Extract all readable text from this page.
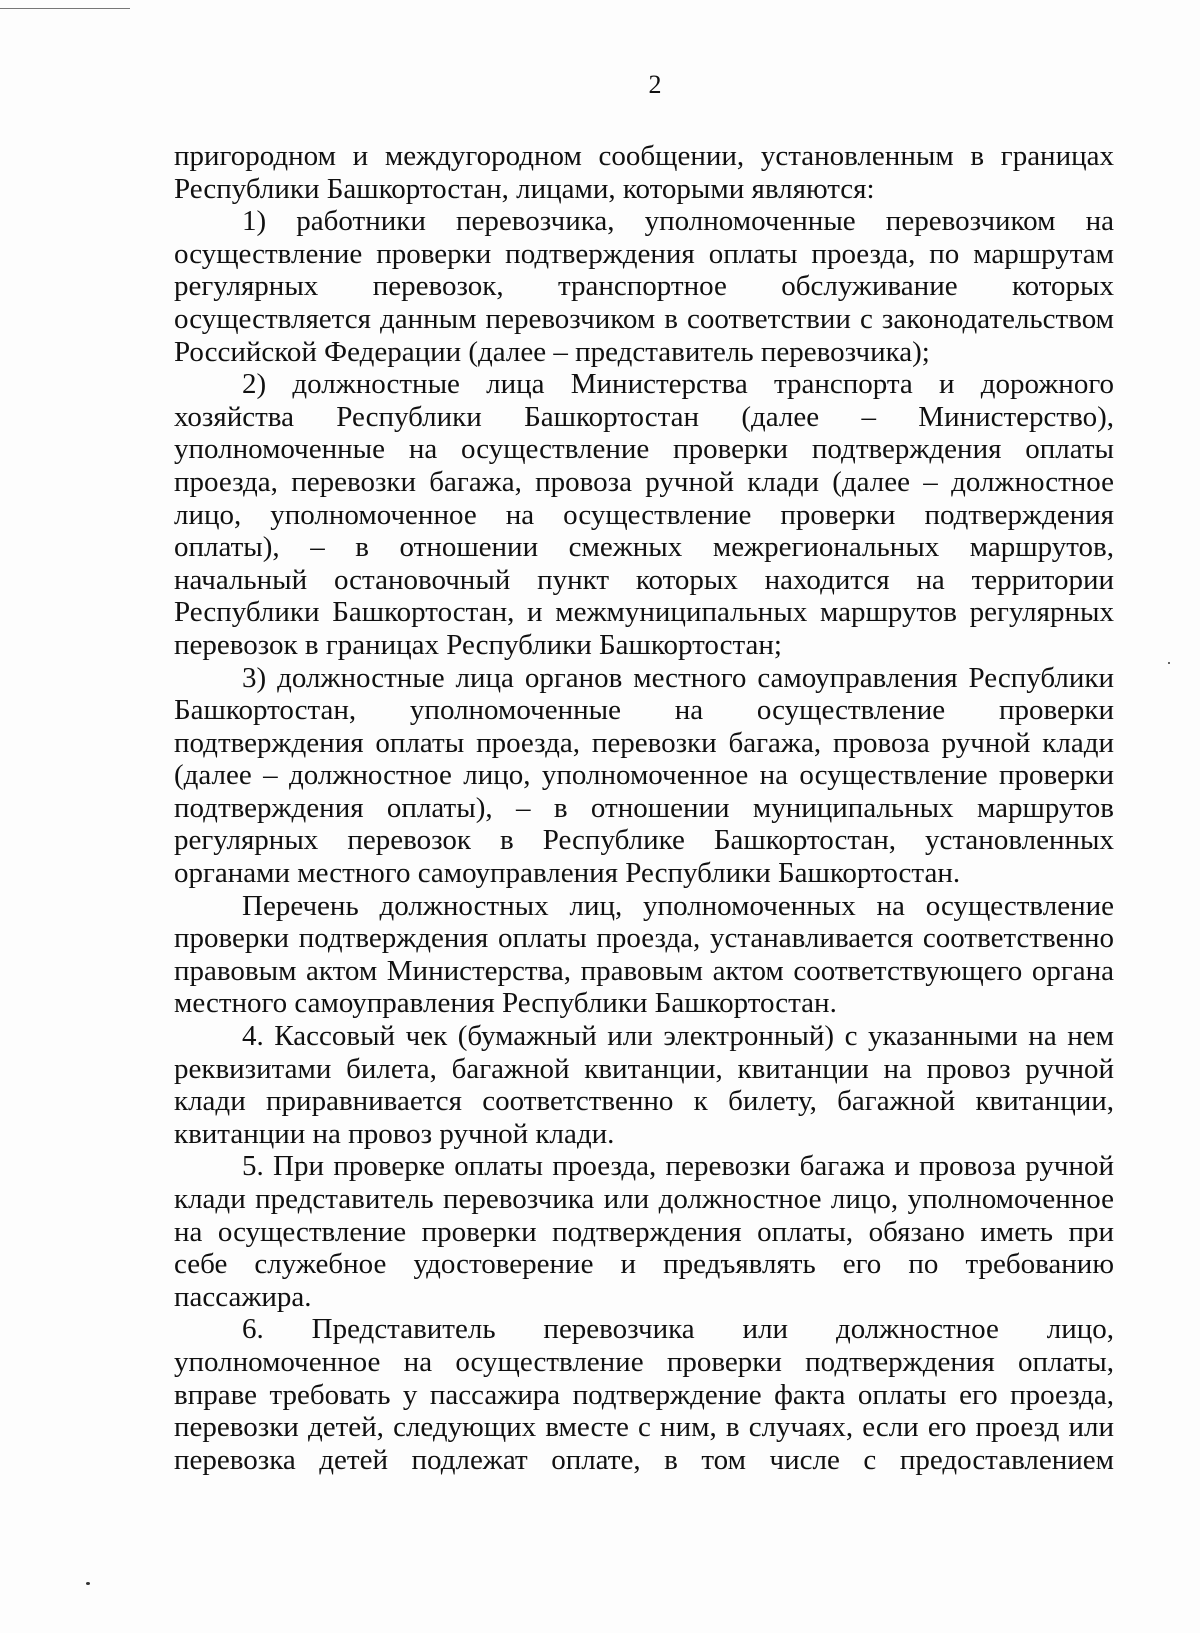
2

пригородном и междугородном сообщении, установленным в границах Республики Башкортостан, лицами, которыми являются:

1) работники перевозчика, уполномоченные перевозчиком на осуществление проверки подтверждения оплаты проезда, по маршрутам регулярных перевозок, транспортное обслуживание которых осуществляется данным перевозчиком в соответствии с законодательством Российской Федерации (далее – представитель перевозчика);

2) должностные лица Министерства транспорта и дорожного хозяйства Республики Башкортостан (далее – Министерство), уполномоченные на осуществление проверки подтверждения оплаты проезда, перевозки багажа, провоза ручной клади (далее – должностное лицо, уполномоченное на осуществление проверки подтверждения оплаты), – в отношении смежных межрегиональных маршрутов, начальный остановочный пункт которых находится на территории Республики Башкортостан, и межмуниципальных маршрутов регулярных перевозок в границах Республики Башкортостан;

3) должностные лица органов местного самоуправления Республики Башкортостан, уполномоченные на осуществление проверки подтверждения оплаты проезда, перевозки багажа, провоза ручной клади (далее – должностное лицо, уполномоченное на осуществление проверки подтверждения оплаты), – в отношении муниципальных маршрутов регулярных перевозок в Республике Башкортостан, установленных органами местного самоуправления Республики Башкортостан.

Перечень должностных лиц, уполномоченных на осуществление проверки подтверждения оплаты проезда, устанавливается соответственно правовым актом Министерства, правовым актом соответствующего органа местного самоуправления Республики Башкортостан.

4. Кассовый чек (бумажный или электронный) с указанными на нем реквизитами билета, багажной квитанции, квитанции на провоз ручной клади приравнивается соответственно к билету, багажной квитанции, квитанции на провоз ручной клади.

5. При проверке оплаты проезда, перевозки багажа и провоза ручной клади представитель перевозчика или должностное лицо, уполномоченное на осуществление проверки подтверждения оплаты, обязано иметь при себе служебное удостоверение и предъявлять его по требованию пассажира.

6. Представитель перевозчика или должностное лицо, уполномоченное на осуществление проверки подтверждения оплаты, вправе требовать у пассажира подтверждение факта оплаты его проезда, перевозки детей, следующих вместе с ним, в случаях, если его проезд или перевозка детей подлежат оплате, в том числе с предоставлением
